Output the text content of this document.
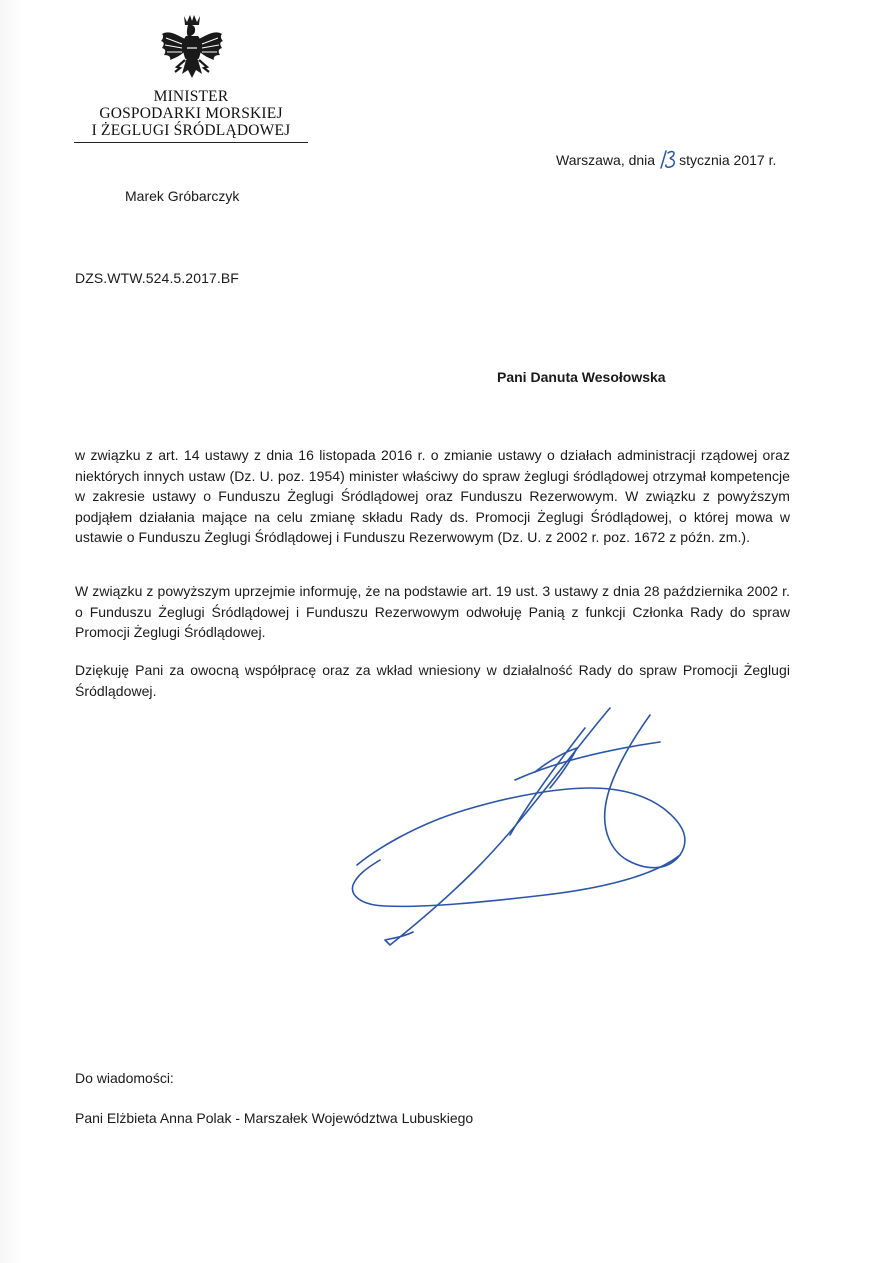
MINISTER
GOSPODARKI MORSKIEJ
I ŻEGLUGI ŚRÓDLĄDOWEJ
Warszawa, dnia stycznia 2017 r.
Marek Gróbarczyk
DZS.WTW.524.5.2017.BF
Pani Danuta Wesołowska
w związku z art. 14 ustawy z dnia 16 listopada 2016 r. o zmianie ustawy o działach administracji rządowej oraz niektórych innych ustaw (Dz. U. poz. 1954) minister właściwy do spraw żeglugi śródlądowej otrzymał kompetencje w zakresie ustawy o Funduszu Żeglugi Śródlądowej oraz Funduszu Rezerwowym. W związku z powyższym podjąłem działania mające na celu zmianę składu Rady ds. Promocji Żeglugi Śródlądowej, o której mowa w ustawie o Funduszu Żeglugi Śródlądowej i Funduszu Rezerwowym (Dz. U. z 2002 r. poz. 1672 z późn. zm.).
W związku z powyższym uprzejmie informuję, że na podstawie art. 19 ust. 3 ustawy z dnia 28 października 2002 r. o Funduszu Żeglugi Śródlądowej i Funduszu Rezerwowym odwołuję Panią z funkcji Członka Rady do spraw Promocji Żeglugi Śródlądowej.
Dziękuję Pani za owocną współpracę oraz za wkład wniesiony w działalność Rady do spraw Promocji Żeglugi Śródlądowej.
Do wiadomości:
Pani Elżbieta Anna Polak - Marszałek Województwa Lubuskiego
